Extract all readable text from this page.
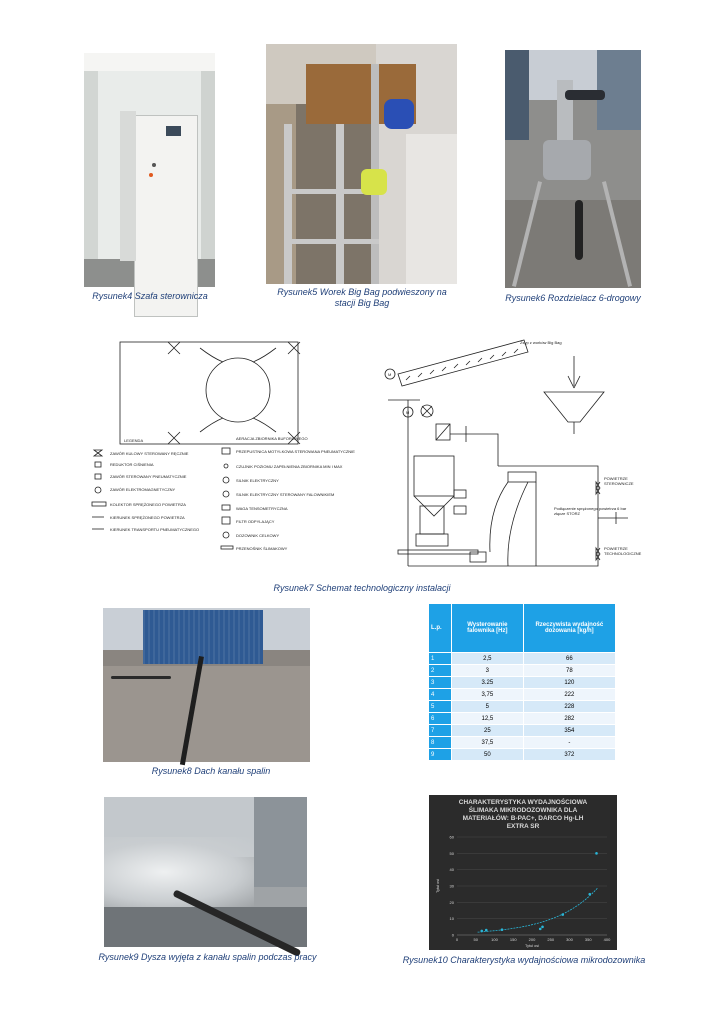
Rysunek4 Szafa sterownicza	Rysunek5 Worek Big Bag podwieszony na
stacji Big Bag	Rysunek6 Rozdzielacz 6-drogowy
LEGENDA
ZAWÓR KULOWY STEROWANY RĘCZNIE
REDUKTOR CIŚNIENIA
ZAWÓR STEROWANY PNEUMATYCZNIE
ZAWÓR ELEKTROMAGNETYCZNY
KOLEKTOR SPRĘŻONEGO POWIETRZA
KIERUNEK SPRĘŻONEGO POWIETRZA
KIERUNEK TRANSPORTU PNEUMATYCZNEGO
AERACJA ZBIORNIKA BUFOROWEGO
PRZEPUSTNICA MOTYLKOWA STEROWANA PNEUMATYCZNIE
CZUJNIK POZIOMU ZAPEŁNIENIA ZBIORNIKA MIN I MAX
SILNIK ELEKTRYCZNY
SILNIK ELEKTRYCZNY STEROWANY FALOWNIKIEM
WAGA TENSOMETRYCZNA
FILTR ODPYLAJĄCY
DOZOWNIK CELKOWY
PRZENOŚNIK ŚLIMAKOWY
M
Zsyp z worków Big Bag
M
POWIETRZE
STEROWNICZE
Podłączenie sprężonego powietrza 6 bar
złącze STORZ
POWIETRZE
TECHNOLOGICZNE
Rysunek7 Schemat technologiczny instalacji
Rysunek8 Dach kanału spalin
L.p.	Wysterowanie falownika [Hz]	Rzeczywista wydajność dozowania [kg/h]
1	2,5	66
2	3	78
3	3.25	120
4	3,75	222
5	5	228
6	12,5	282
7	25	354
8	37,5	-
9	50	372
Rysunek9 Dysza wyjęta z kanału spalin podczas pracy
CHARAKTERYSTYKA WYDAJNOŚCIOWA
ŚLIMAKA MIKRODOZOWNIKA DLA
MATERIAŁÓW: B-PAC+, DARCO Hg-LH
EXTRA SR
0
10
20
30
40
50
60
0	50	100	150	200	250	300	350	400
Tytuł osi
Tytuł osi
Rysunek10 Charakterystyka wydajnościowa mikrodozownika
